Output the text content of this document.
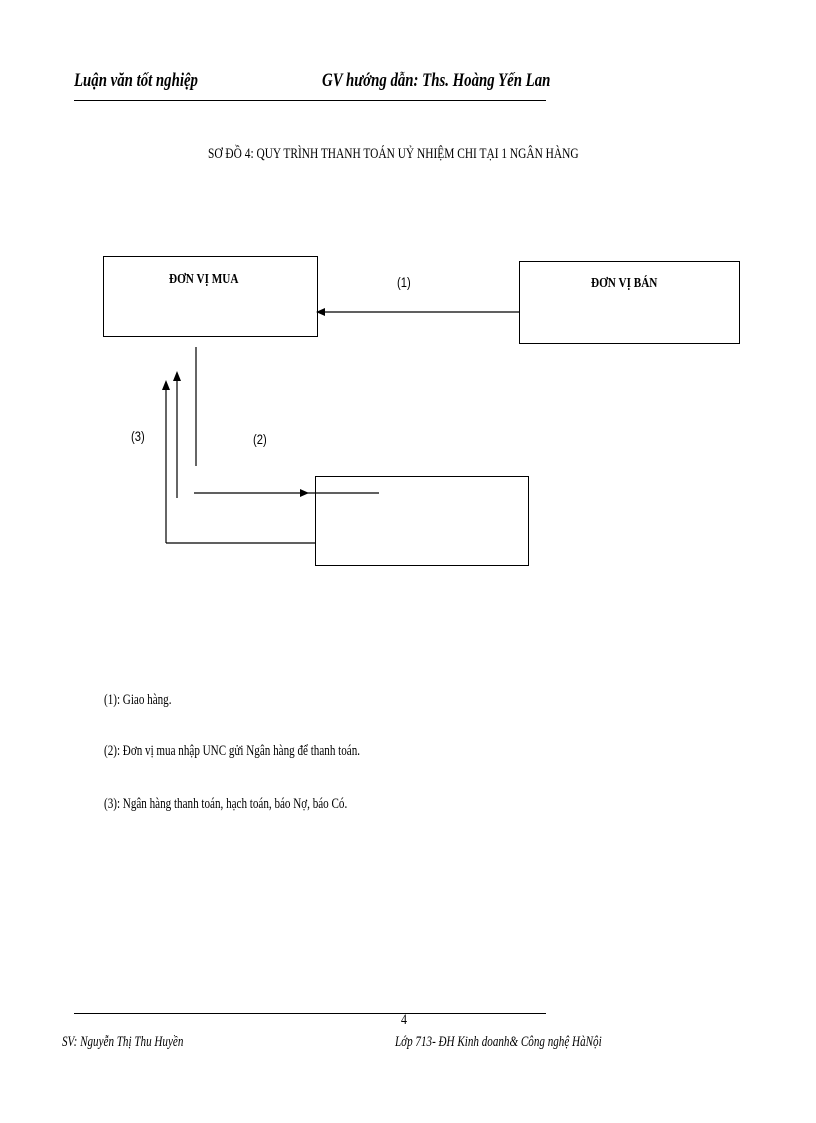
Luận văn tốt nghiệp	GV hướng dẫn: Ths. Hoàng Yến Lan
SƠ ĐỒ 4: QUY TRÌNH THANH TOÁN UỶ NHIỆM CHI TẠI 1 NGÂN HÀNG
ĐƠN VỊ MUA	ĐƠN VỊ BÁN
(1)
(2)
(3)
(1): Giao hàng.
(2): Đơn vị mua nhập UNC gửi Ngân hàng để thanh toán.
(3): Ngân hàng thanh toán, hạch toán, báo Nợ, báo Có.
4
SV: Nguyễn Thị Thu Huyền	Lớp 713- ĐH Kinh doanh& Công nghệ HàNội
